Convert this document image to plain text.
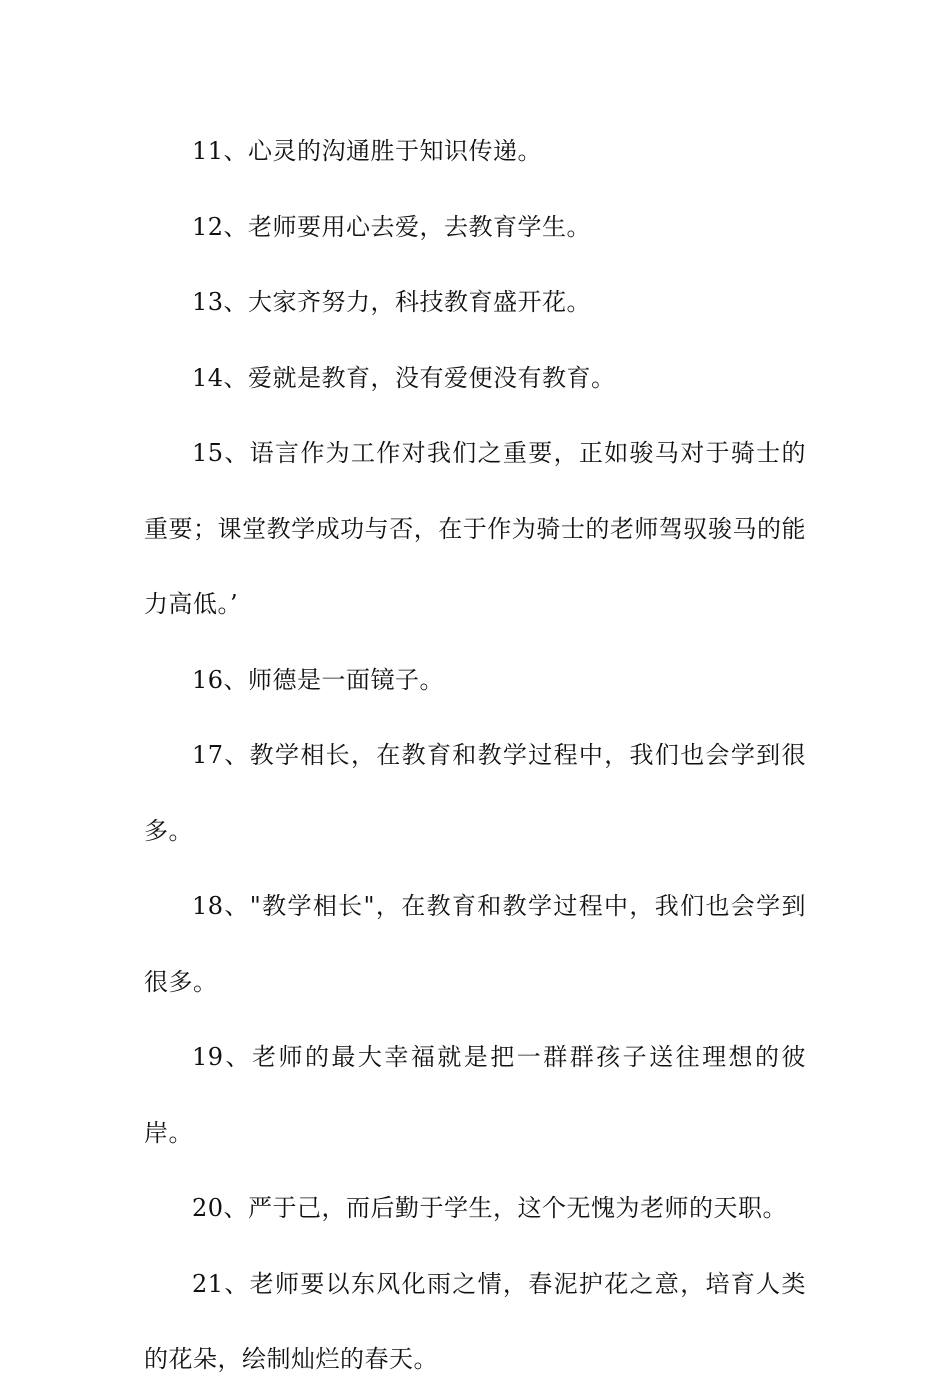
11、心灵的沟通胜于知识传递。

12、老师要用心去爱，去教育学生。

13、大家齐努力，科技教育盛开花。

14、爱就是教育，没有爱便没有教育。

15、语言作为工作对我们之重要，正如骏马对于骑士的重要；课堂教学成功与否，在于作为骑士的老师驾驭骏马的能力高低。’

16、师德是一面镜子。

17、教学相长，在教育和教学过程中，我们也会学到很多。

18、"教学相长"，在教育和教学过程中，我们也会学到很多。

19、老师的最大幸福就是把一群群孩子送往理想的彼岸。

20、严于己，而后勤于学生，这个无愧为老师的天职。

21、老师要以东风化雨之情，春泥护花之意，培育人类的花朵，绘制灿烂的春天。
